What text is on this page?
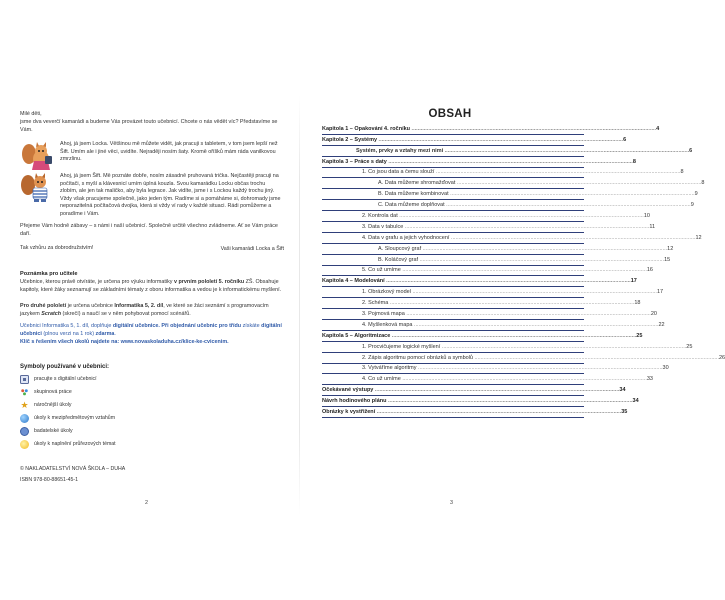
Milé děti,
jsme dva veverčí kamarádi a budeme Vás provázet touto učebnicí. Chcete o nás vědět víc? Představíme se Vám.
Ahoj, já jsem Locka. Většinou mě můžete vidět, jak pracuji s tabletem, v tom jsem lepší než Šift. Umím ale i jiné věci, uvidíte. Nejraději nosím šaty. Kromě oříšků mám ráda vanilkovou zmrzlinu.
Ahoj, já jsem Šift. Mě poznáte dobře, nosím zásadně pruhovaná trička. Nejčastěji pracuji na počítači, s myší a klávesnicí umím úplná kouzla. Svou kamarádku Locku občas trochu zlobím, ale jen tak maličko, aby byla legrace. Jak vidíte, jsme i s Lockou každý trochu jiný. Vždy však pracujeme společně, jako jeden tým. Radíme si a pomáháme si, dohromady jsme neporazitelná počítačová dvojka, která si vždy ví rady v každé situaci. Rádi pomůžeme a poradíme i Vám.
Přejeme Vám hodně zábavy – s námi i naší učebnicí. Společně určitě všechno zvládneme. Ať se Vám práce daří.
Tak vzhůru za dobrodružstvím!	Vaši kamarádi Locka a Šift
Poznámka pro učitele
Učebnice, kterou právě otvíráte, je určena pro výuku informatiky v prvním pololetí 5. ročníku ZŠ. Obsahuje kapitoly, které žáky seznamují se základními tématy z oboru informatika a vedou je k informatickému myšlení.
Pro druhé pololetí je určena učebnice Informatika 5, 2. díl, ve které se žáci seznámí s programovacím jazykem Scratch (skrečí) a naučí se v něm pohybovat pomocí scénářů.
Učebnici Informatika 5, 1. díl, doplňuje digitální učebnice. Při objednání učebnic pro třídu získáte digitální učebnici (plnou verzi na 1 rok) zdarma.
Klíč s řešením všech úkolů najdete na: www.novaskoladuha.cz/klice-ke-cvicenim.
Symboly používané v učebnici:
pracujte s digitální učebnicí
skupinová práce
★ náročnější úkoly
úkoly k mezipředmětovým vztahům
badatelské úkoly
úkoly k naplnění průřezových témat
© NAKLADATELSTVÍ NOVÁ ŠKOLA – DUHA
ISBN 978-80-88651-45-1
2
OBSAH
Kapitola 1 – Opakování 4. ročníku ................................................................................................................................................................ 4
Kapitola 2 – Systémy ................................................................................................................................................................ 6
Systém, prvky a vztahy mezi nimi ................................................................................................................................................................ 6
Kapitola 3 – Práce s daty ................................................................................................................................................................ 8
1. Co jsou data a čemu slouží ................................................................................................................................................................ 8
A. Data můžeme shromažďovat ................................................................................................................................................................ 8
B. Data můžeme kombinovat ................................................................................................................................................................ 9
C. Data můžeme doplňovat ................................................................................................................................................................ 9
2. Kontrola dat ................................................................................................................................................................ 10
3. Data v tabulce ................................................................................................................................................................ 11
4. Data v grafu a jejich vyhodnocení ................................................................................................................................................................ 12
A. Sloupcový graf ................................................................................................................................................................ 12
B. Koláčový graf ................................................................................................................................................................ 15
5. Co už umíme ................................................................................................................................................................ 16
Kapitola 4 – Modelování ................................................................................................................................................................ 17
1. Obrázkový model ................................................................................................................................................................ 17
2. Schéma ................................................................................................................................................................ 18
3. Pojmová mapa ................................................................................................................................................................ 20
4. Myšlenková mapa ................................................................................................................................................................ 22
Kapitola 5 – Algoritmizace ................................................................................................................................................................ 25
1. Procvičujeme logické myšlení ................................................................................................................................................................ 25
2. Zápis algoritmu pomocí obrázků a symbolů ................................................................................................................................................................ 26
3. Vytváříme algoritmy ................................................................................................................................................................ 30
4. Co už umíme ................................................................................................................................................................ 33
Očekávané výstupy ................................................................................................................................................................ 34
Návrh hodinového plánu ................................................................................................................................................................ 34
Obrázky k vystřižení ................................................................................................................................................................ 35
3
